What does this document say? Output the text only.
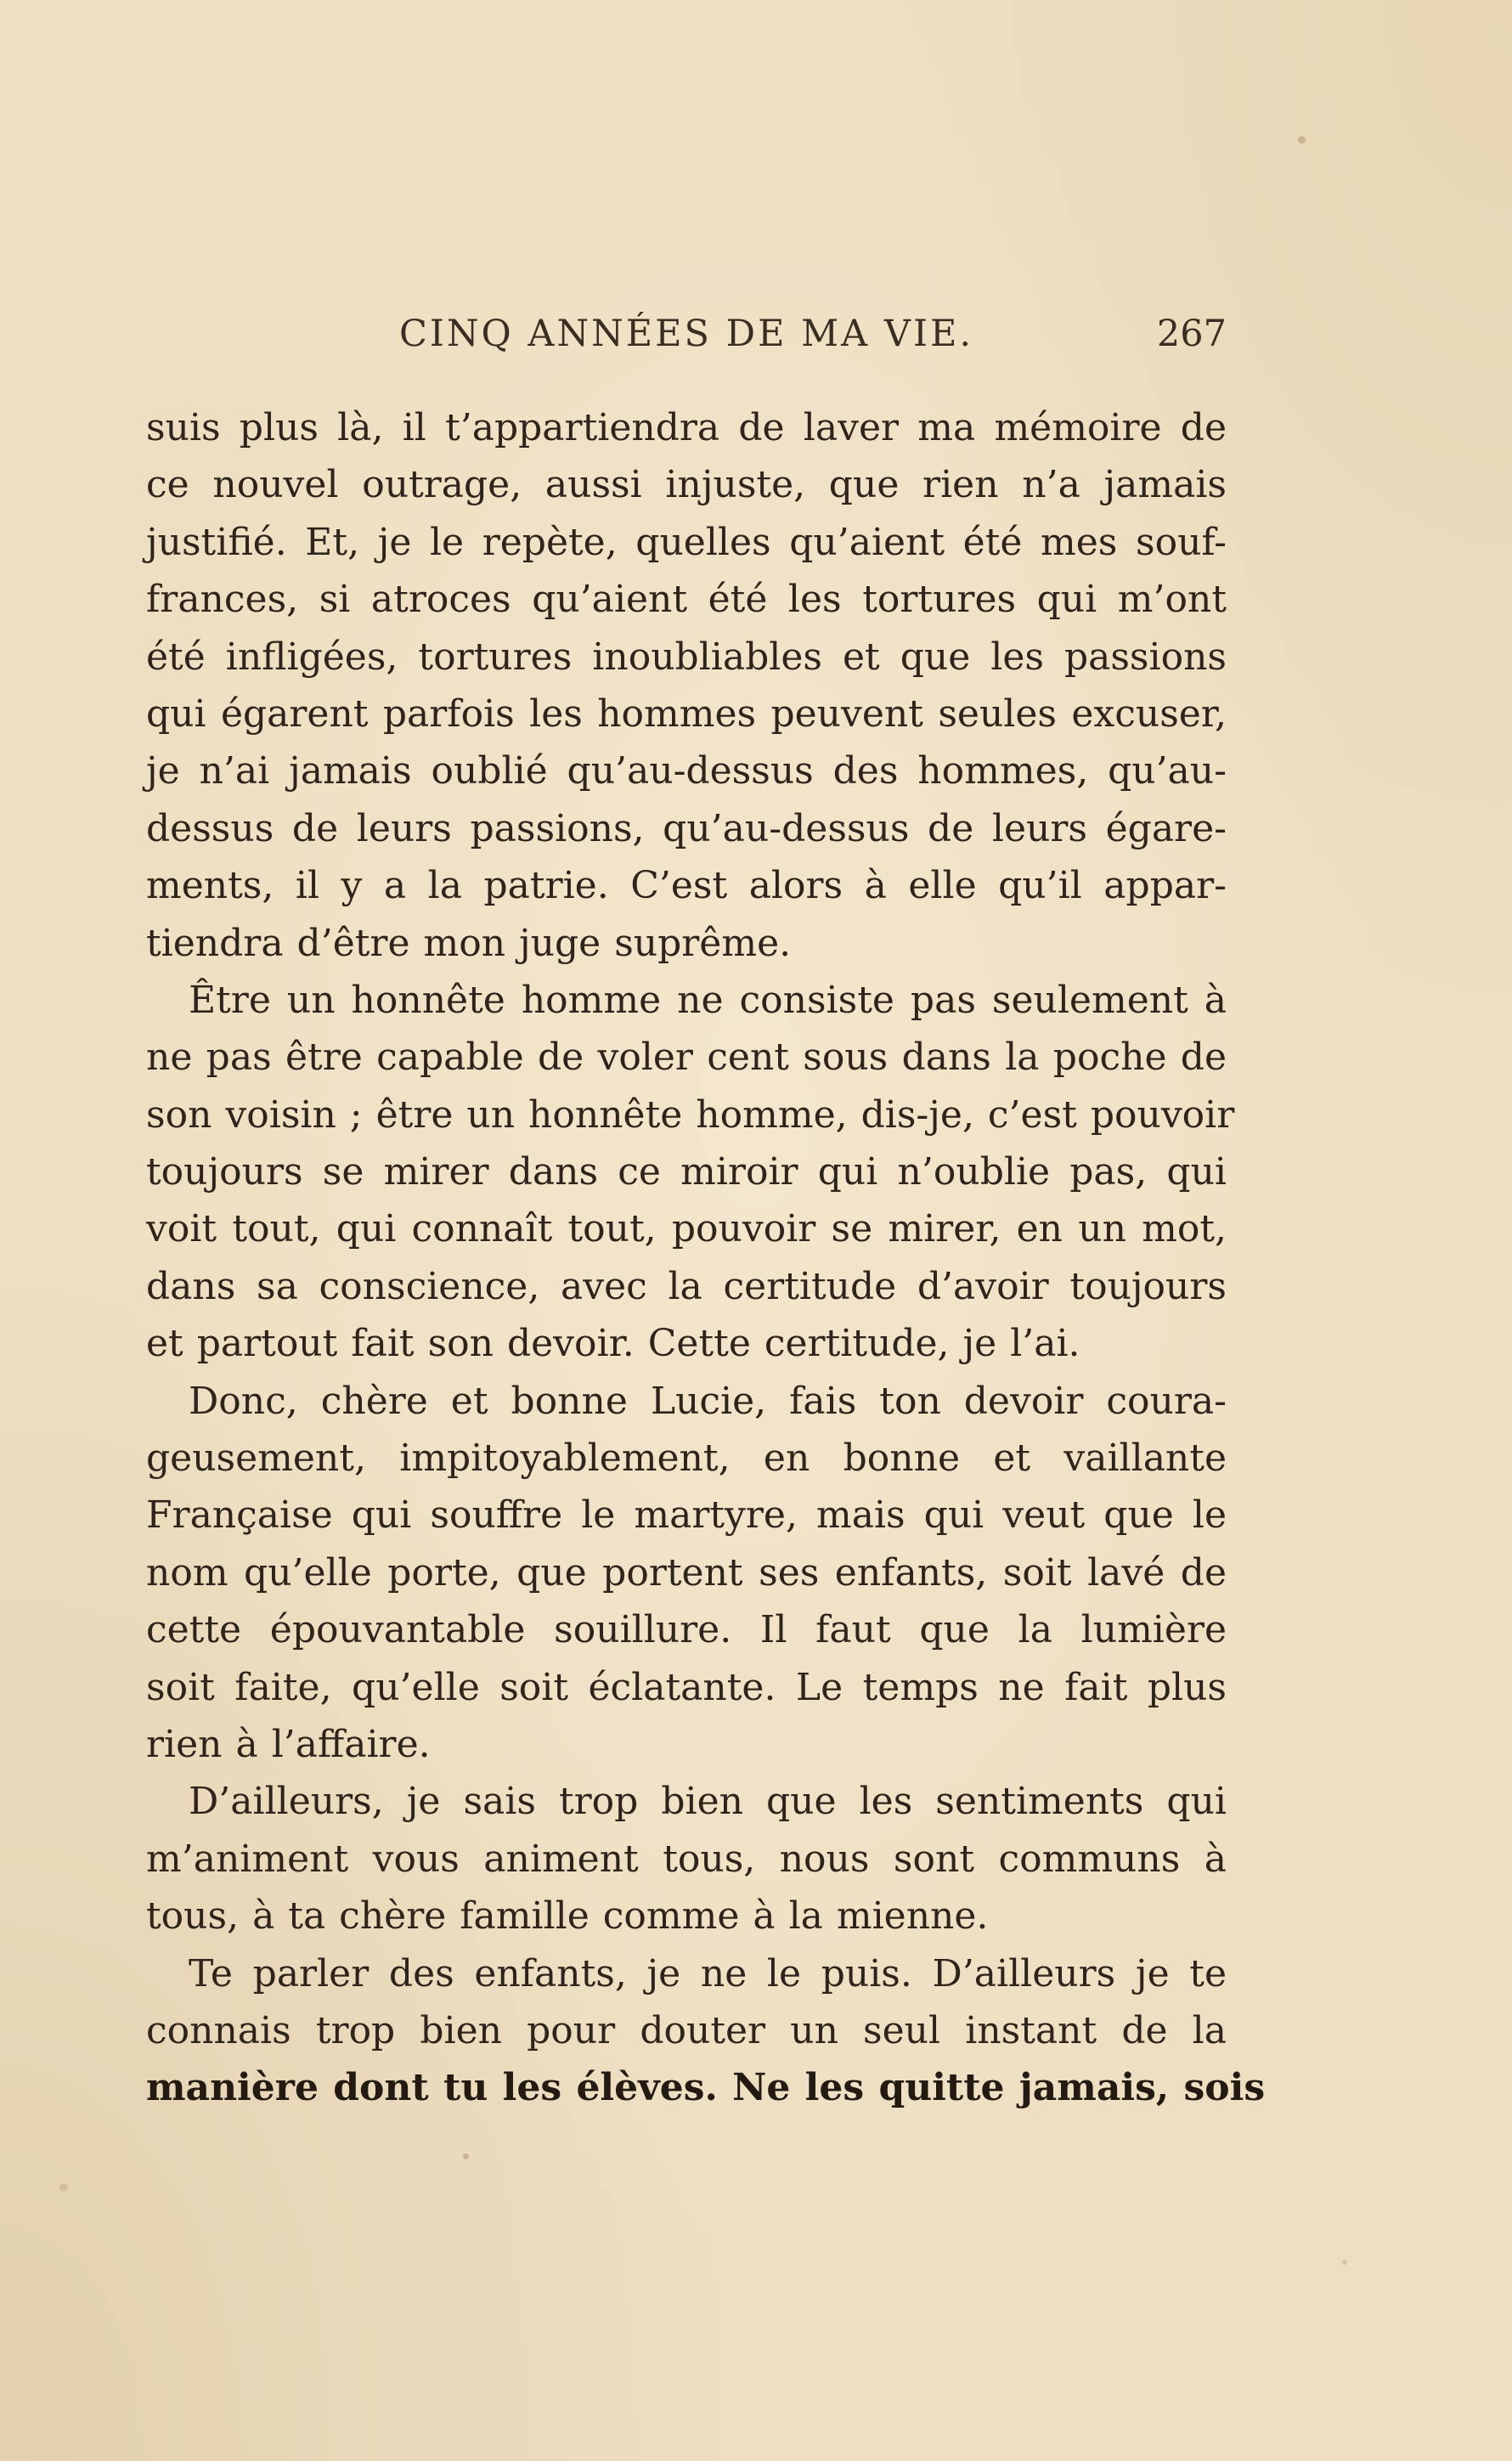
CINQ ANNÉES DE MA VIE.	267
suis plus là, il t’appartiendra de laver ma mémoire de
ce nouvel outrage, aussi injuste, que rien n’a jamais
justifié. Et, je le repète, quelles qu’aient été mes souf-
frances, si atroces qu’aient été les tortures qui m’ont
été infligées, tortures inoubliables et que les passions
qui égarent parfois les hommes peuvent seules excuser,
je n’ai jamais oublié qu’au-dessus des hommes, qu’au-
dessus de leurs passions, qu’au-dessus de leurs égare-
ments, il y a la patrie. C’est alors à elle qu’il appar-
tiendra d’être mon juge suprême.
Être un honnête homme ne consiste pas seulement à
ne pas être capable de voler cent sous dans la poche de
son voisin ; être un honnête homme, dis-je, c’est pouvoir
toujours se mirer dans ce miroir qui n’oublie pas, qui
voit tout, qui connaît tout, pouvoir se mirer, en un mot,
dans sa conscience, avec la certitude d’avoir toujours
et partout fait son devoir. Cette certitude, je l’ai.
Donc, chère et bonne Lucie, fais ton devoir coura-
geusement, impitoyablement, en bonne et vaillante
Française qui souffre le martyre, mais qui veut que le
nom qu’elle porte, que portent ses enfants, soit lavé de
cette épouvantable souillure. Il faut que la lumière
soit faite, qu’elle soit éclatante. Le temps ne fait plus
rien à l’affaire.
D’ailleurs, je sais trop bien que les sentiments qui
m’animent vous animent tous, nous sont communs à
tous, à ta chère famille comme à la mienne.
Te parler des enfants, je ne le puis. D’ailleurs je te
connais trop bien pour douter un seul instant de la
manière dont tu les élèves. Ne les quitte jamais, sois
